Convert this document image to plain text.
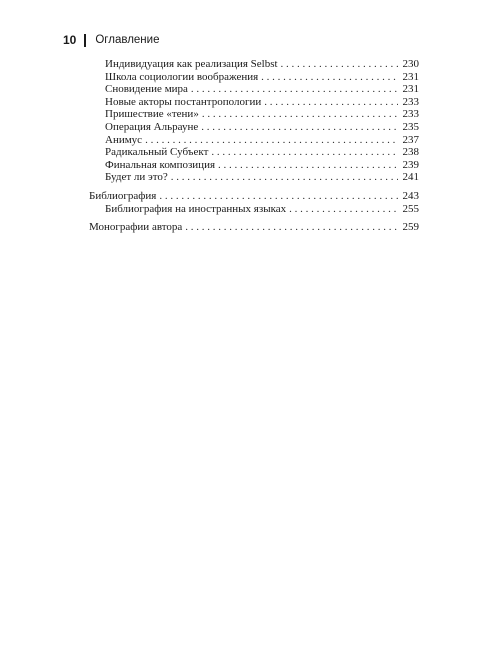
10 Оглавление
Индивидуация как реализация Selbst . . .	230
Школа социологии воображения . . .	231
Сновидение мира . . .	231
Новые акторы постантропологии . . .	233
Пришествие «тени» . . .	233
Операция Альрауне . . .	235
Анимус . . .	237
Радикальный Субъект . . .	238
Финальная композиция . . .	239
Будет ли это? . . .	241
Библиография . . .	243
Библиография на иностранных языках . . .	255
Монографии автора . . .	259
